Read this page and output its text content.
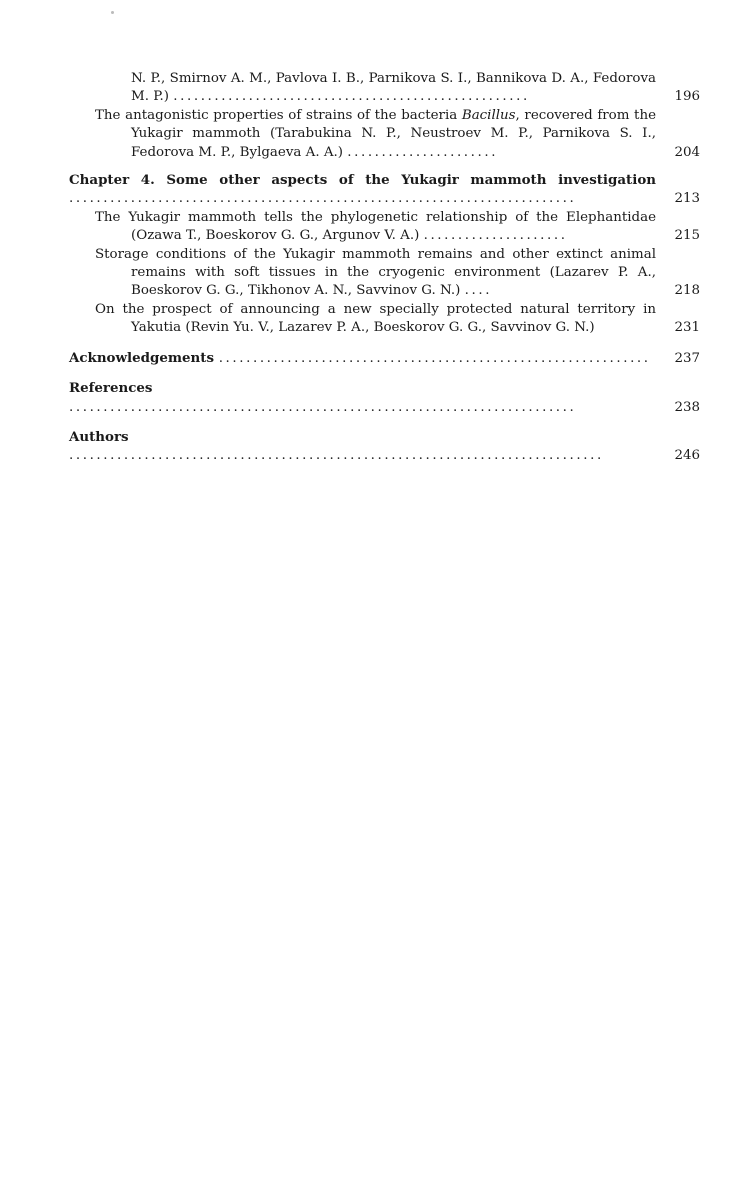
N. P., Smirnov A. M., Pavlova I. B., Parnikova S. I., Bannikova D. A., Fedorova M. P.) ....................................................	196
The antagonistic properties of strains of the bacteria Bacillus, recovered from the Yukagir mammoth (Tarabukina N. P., Neustroev M. P., Parnikova S. I., Fedorova M. P., Bylgaeva A. A.) ......................	204
Chapter 4. Some other aspects of the Yukagir mammoth investigation ..........................................................................	213
The Yukagir mammoth tells the phylogenetic relationship of the Elephantidae (Ozawa T., Boeskorov G. G., Argunov V. A.) .....................	215
Storage conditions of the Yukagir mammoth remains and other extinct animal remains with soft tissues in the cryogenic environment (Lazarev P. A., Boeskorov G. G., Tikhonov A. N., Savvinov G. N.) ....	218
On the prospect of announcing a new specially protected natural territory in Yakutia (Revin Yu. V., Lazarev P. A., Boeskorov G. G., Savvinov G. N.)	231
Acknowledgements ...............................................................	237
References ..........................................................................	238
Authors ..............................................................................	246
